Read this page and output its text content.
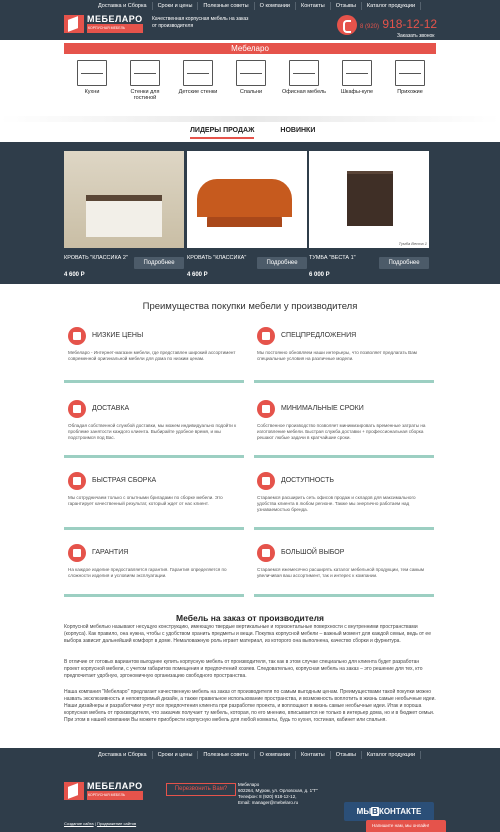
Доставка и Сборка	Сроки и цены	Полезные советы	О компании	Контакты	Отзывы	Каталог продукции
МЕБЕЛАРО
КОРПУСНАЯ МЕБЕЛЬ
Качественная корпусная мебель на заказ от производителя	8 (920) 918-12-12
Заказать звонок
Мебеларо
Кухни	Стенки для гостиной
Детские стенки	Спальни	Офисная мебель	Шкафы-купе	Прихожие
ЛИДЕРЫ ПРОДАЖ	НОВИНКИ
КРОВАТЬ "КЛАССИКА 2"
4 600 Р
Подробнее
КРОВАТЬ "КЛАССИКА"
4 600 Р
Подробнее
Тумба Веста 1
ТУМБА "ВЕСТА 1"
6 000 Р
Подробнее
Преимущества покупки мебели у производителя
НИЗКИЕ ЦЕНЫ
Мебеларо - Интернет-магазин мебели, где представлен широкий ассортимент современной оригинальной мебели для дома по низким ценам.
СПЕЦПРЕДЛОЖЕНИЯ
Мы постоянно обновляем наши интерьеры, что позволяет предлагать Вам специальные условия на различные модели.
ДОСТАВКА
Обладая собственной службой доставки, мы можем индивидуально подойти к проблеме занятости каждого клиента. Выбирайте удобное время, и мы подстроимся под Вас.
МИНИМАЛЬНЫЕ СРОКИ
Собственное производство позволяет минимизировать временные затраты на изготовление мебели. Быстрая служба доставки + профессиональная сборка решают любые задачи в кратчайшие сроки.
БЫСТРАЯ СБОРКА
Мы сотрудничаем только с опытными бригадами по сборке мебели. Это гарантирует качественный результат, который ждет от нас клиент.
ДОСТУПНОСТЬ
Стараемся расширить сеть офисов продаж и складов для максимального удобства клиента в любом регионе. Также мы энергично работаем над узнаваемостью бренда.
ГАРАНТИЯ
На каждое изделие предоставляется гарантия. Гарантия определяется по сложности изделия и условиям эксплуатации.
БОЛЬШОЙ ВЫБОР
Стараемся ежемесячно расширять каталог мебельной продукции, тем самым увеличивая ваш ассортимент, так и интерес к компании.
Мебель на заказ от производителя
Корпусной мебелью называют несущую конструкцию, имеющую твердые вертикальные и горизонтальные поверхности с внутренними пространствами (корпуса). Как правило, она нужна, чтобы с удобством хранить предметы и вещи. Покупка корпусной мебели – важный момент для каждой семьи, ведь от ее выбора зависит дальнейший комфорт в доме. Немаловажную роль играет материал, из которого она выполнена, качество сборки и фурнитура.
В отличие от готовых вариантов выгоднее купить корпусную мебель от производителя, так как в этом случае специально для клиента будет разработан проект корпусной мебели, с учетом габаритов помещения и предпочтений хозяев. Следовательно, корпусная мебель на заказ – это решение для тех, кто предпочитает удобную, эргономичную организацию свободного пространства.
Наша компания "Мебеларо" предлагает качественную мебель на заказ от производителя по самым выгодным ценам. Преимуществами такой покупки можно назвать эксклюзивность и неповторимый дизайн, а также правильное использование пространства, и возможность воплотить в жизнь самые необычные идеи. Наши дизайнеры и разработчики учтут все предпочтения клиента при разработке проекта, и воплощают в жизнь самые необычные идеи. Итак и хороша корпусная мебель от производителя, что заказчик получает ту мебель, которая, по его мнению, вписывается не только в интерьер дома, но и в бюджет семьи. При этом в нашей компании Вы можете приобрести корпусную мебель для любой комнаты, будь то кухня, гостиная, кабинет или спальня.
Доставка и Сборка	Сроки и цены	Полезные советы	О компании	Контакты	Отзывы	Каталог продукции
МЕБЕЛАРО
КОРПУСНАЯ МЕБЕЛЬ
Создание сайта | Продвижение сайтов
Перезвонить Вам?
Мебеларо
602264, Муром, ул. Орловская, д. 1"Г"
Телефон: 8 (920) 918-12-12,
Email: manager@mebelaro.ru
МЫВКОНТАКТЕ
Напишите нам, мы онлайн!
